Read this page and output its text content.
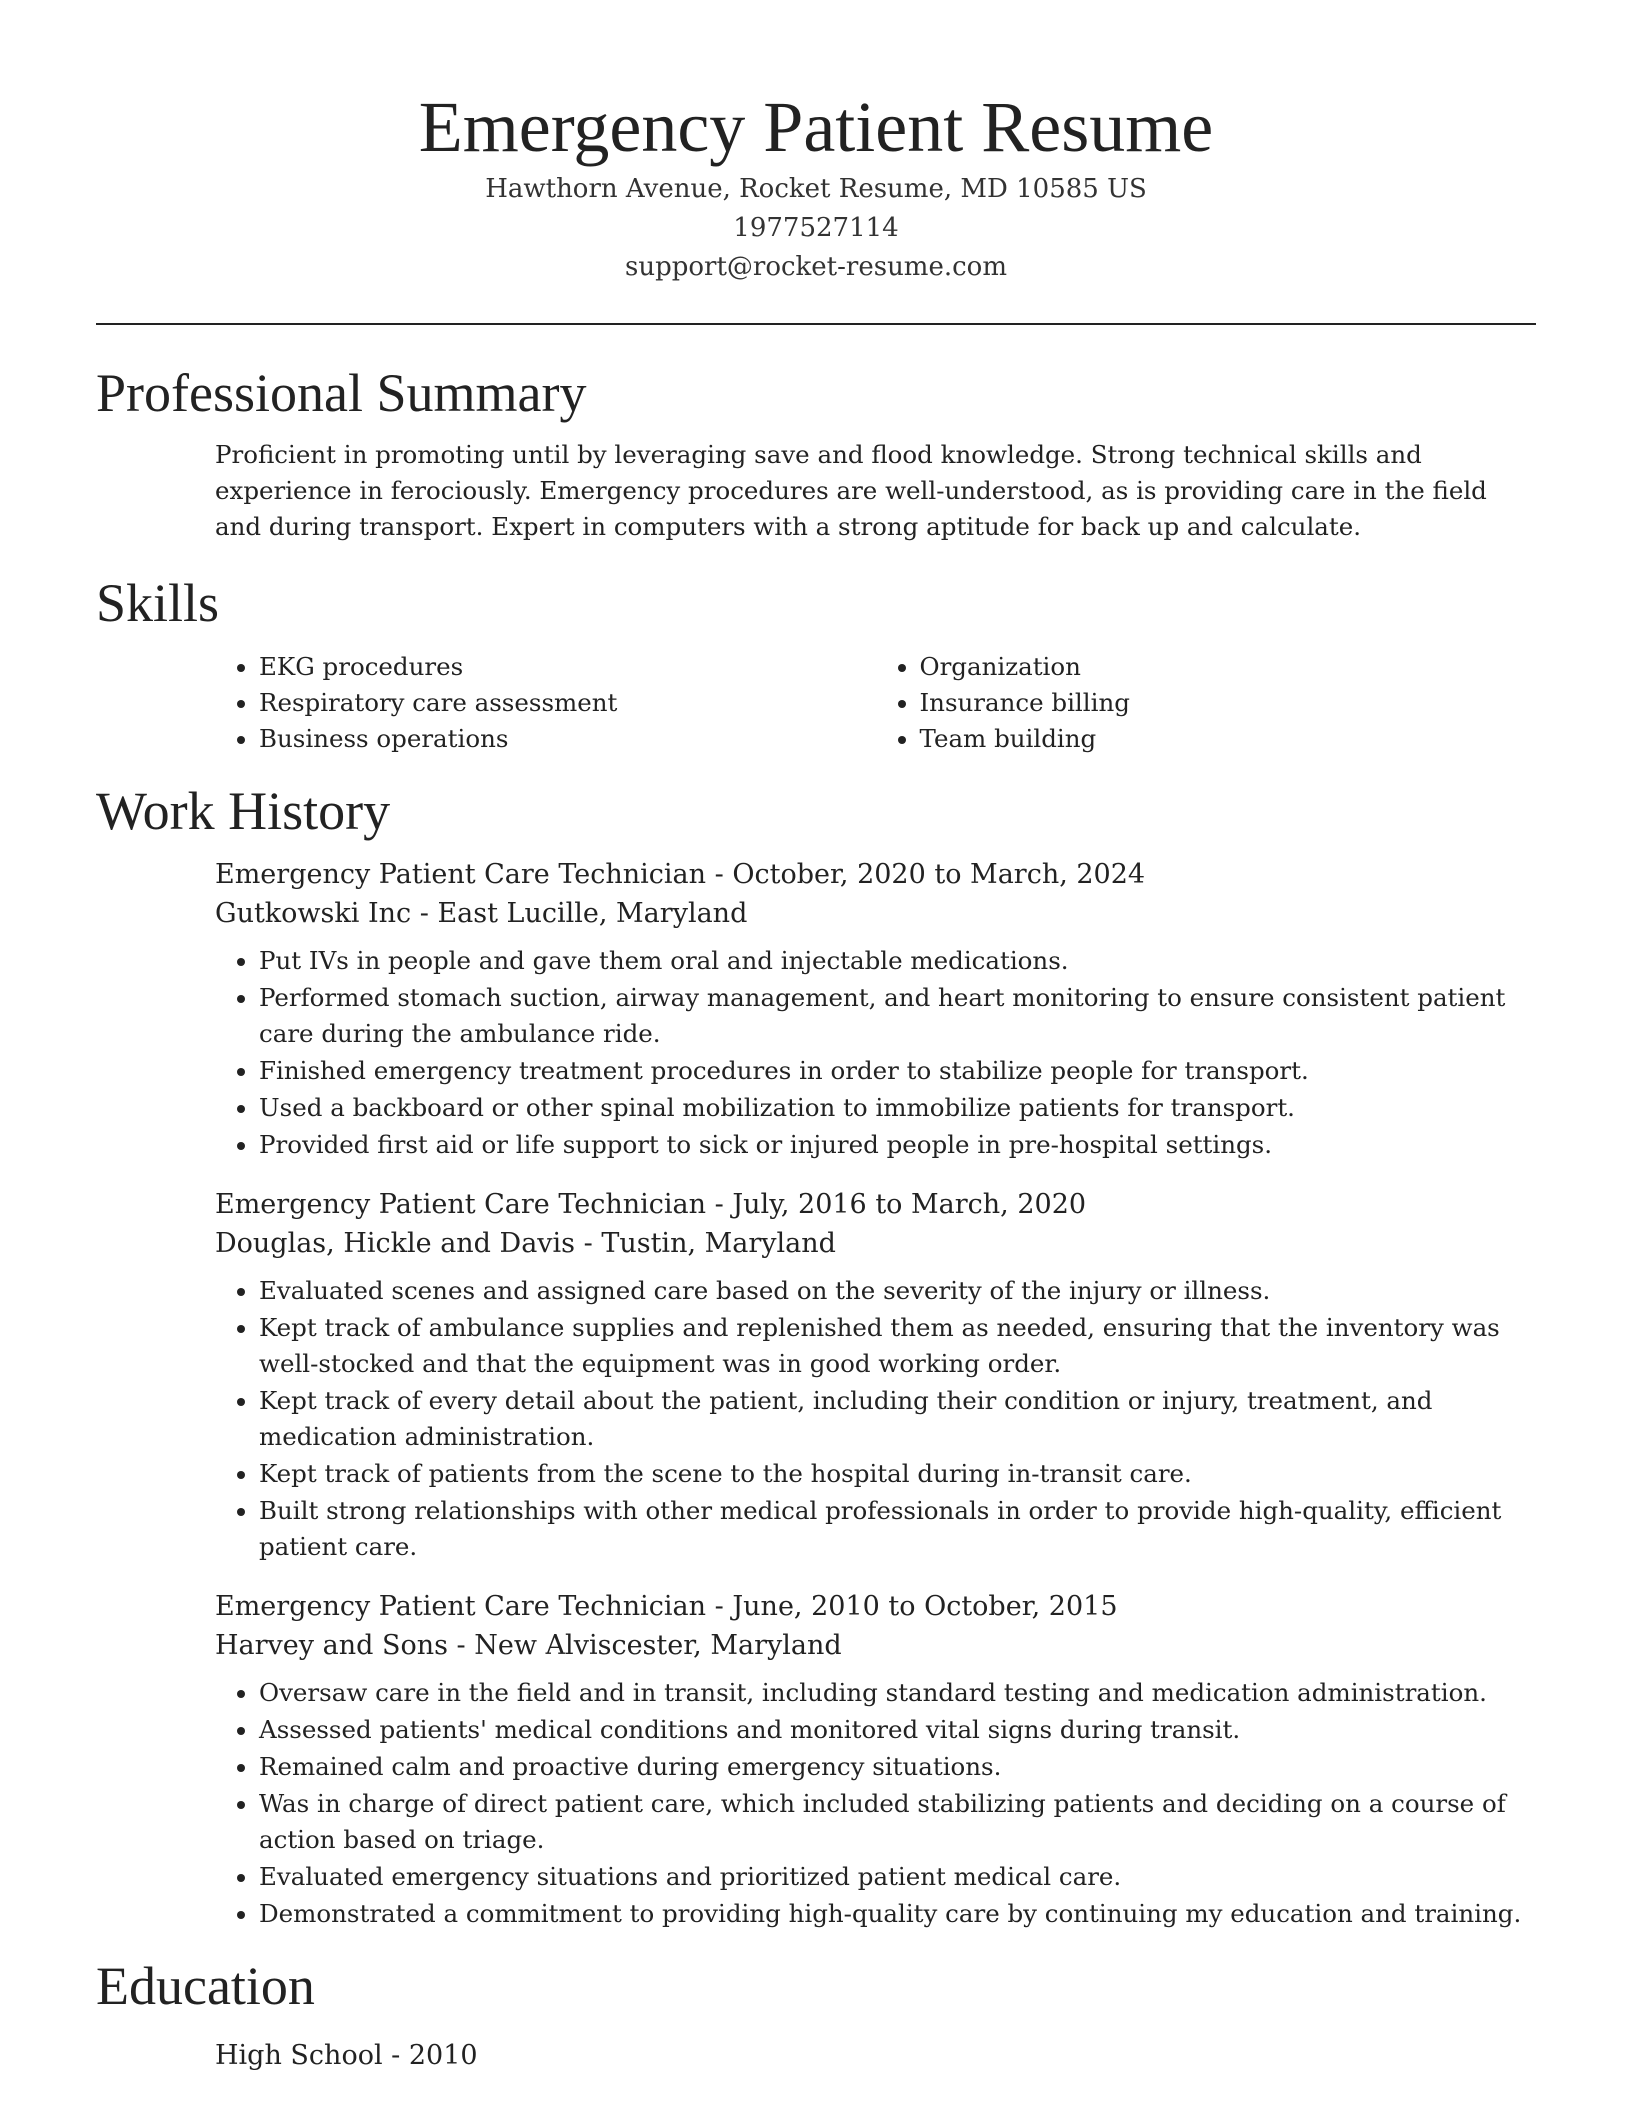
Emergency Patient Resume
Hawthorn Avenue, Rocket Resume, MD 10585 US
1977527114
support@rocket-resume.com
Professional Summary

Proficient in promoting until by leveraging save and flood knowledge. Strong technical skills and experience in ferociously. Emergency procedures are well-understood, as is providing care in the field and during transport. Expert in computers with a strong aptitude for back up and calculate.

Skills
• EKG procedures
• Respiratory care assessment
• Business operations
• Organization
• Insurance billing
• Team building
Work History
Emergency Patient Care Technician - October, 2020 to March, 2024
Gutkowski Inc - East Lucille, Maryland
• Put IVs in people and gave them oral and injectable medications.
• Performed stomach suction, airway management, and heart monitoring to ensure consistent patient care during the ambulance ride.
• Finished emergency treatment procedures in order to stabilize people for transport.
• Used a backboard or other spinal mobilization to immobilize patients for transport.
• Provided first aid or life support to sick or injured people in pre-hospital settings.
Emergency Patient Care Technician - July, 2016 to March, 2020
Douglas, Hickle and Davis - Tustin, Maryland
• Evaluated scenes and assigned care based on the severity of the injury or illness.
• Kept track of ambulance supplies and replenished them as needed, ensuring that the inventory was well-stocked and that the equipment was in good working order.
• Kept track of every detail about the patient, including their condition or injury, treatment, and medication administration.
• Kept track of patients from the scene to the hospital during in-transit care.
• Built strong relationships with other medical professionals in order to provide high-quality, efficient patient care.
Emergency Patient Care Technician - June, 2010 to October, 2015
Harvey and Sons - New Alviscester, Maryland
• Oversaw care in the field and in transit, including standard testing and medication administration.
• Assessed patients' medical conditions and monitored vital signs during transit.
• Remained calm and proactive during emergency situations.
• Was in charge of direct patient care, which included stabilizing patients and deciding on a course of action based on triage.
• Evaluated emergency situations and prioritized patient medical care.
• Demonstrated a commitment to providing high-quality care by continuing my education and training.
Education
High School - 2010
